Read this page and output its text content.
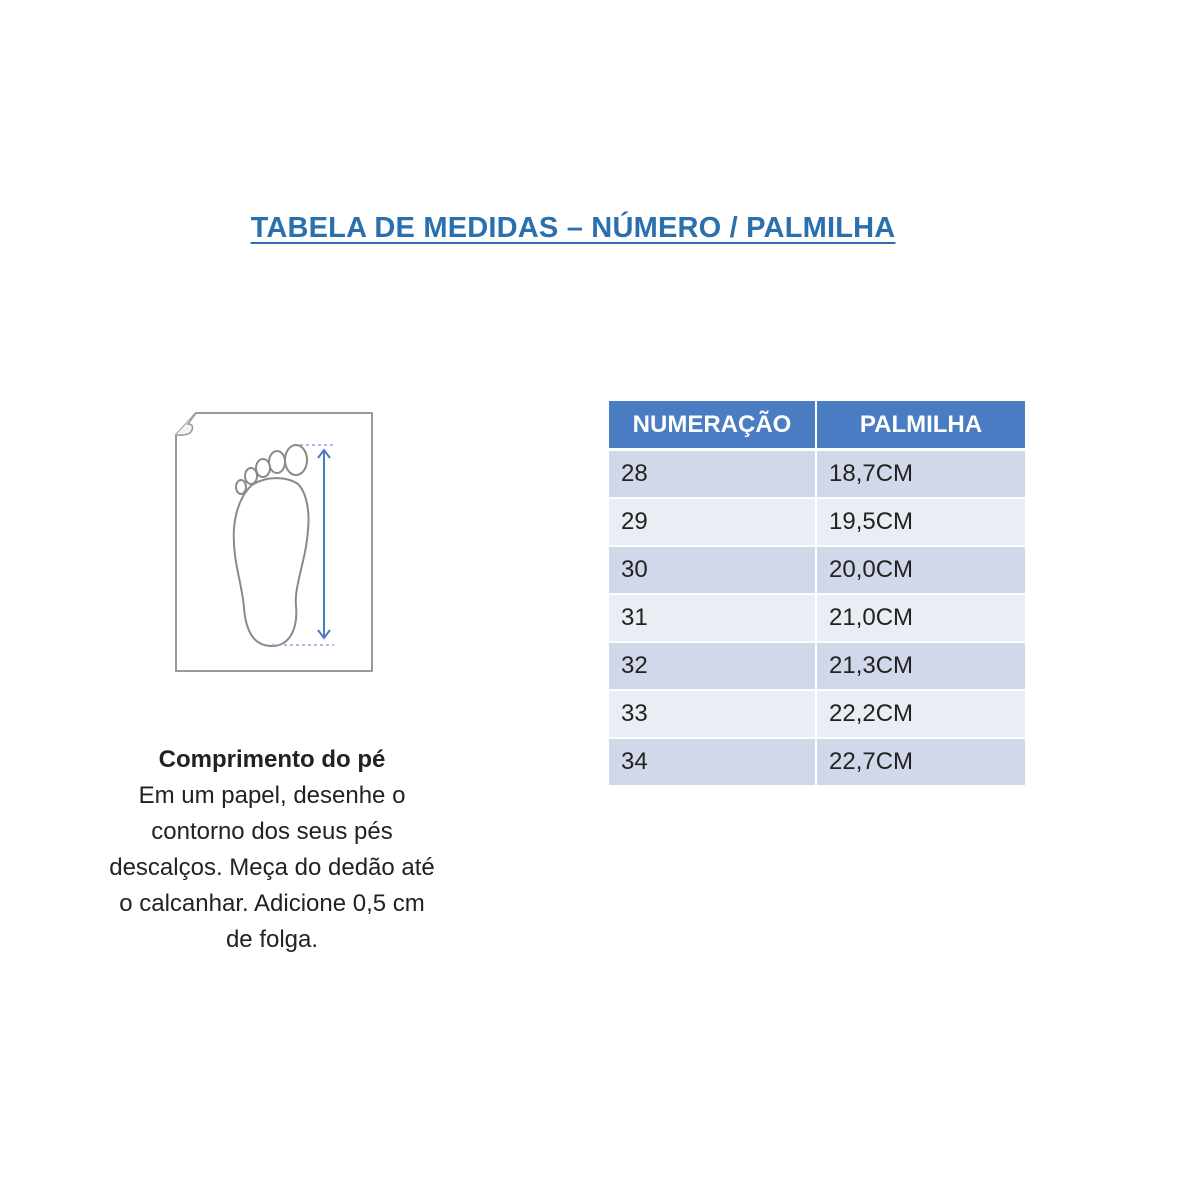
TABELA DE MEDIDAS – NÚMERO / PALMILHA
Comprimento do pé
Em um papel, desenhe o
contorno dos seus pés
descalços. Meça do dedão até
o calcanhar. Adicione 0,5 cm
de folga.
NUMERAÇÃO	PALMILHA
28	18,7CM
29	19,5CM
30	20,0CM
31	21,0CM
32	21,3CM
33	22,2CM
34	22,7CM
